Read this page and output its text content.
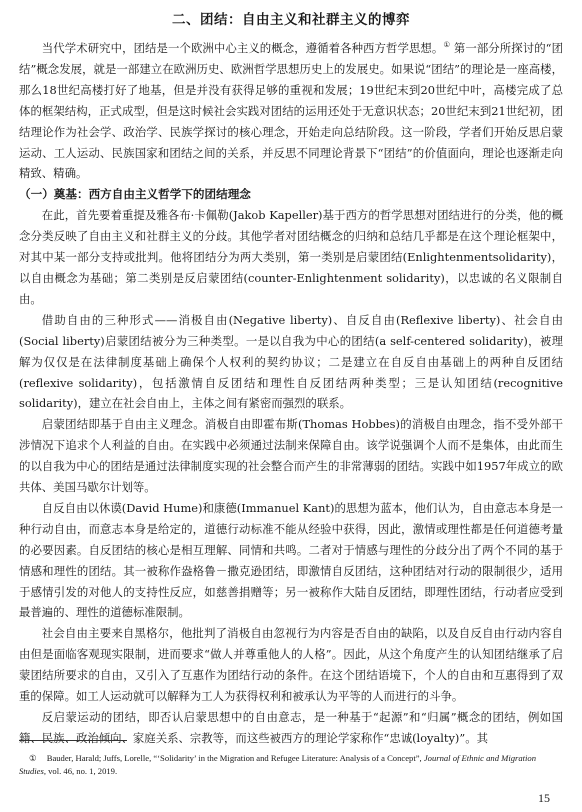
二、团结：自由主义和社群主义的博弈

当代学术研究中，团结是一个欧洲中心主义的概念，遵循着各种西方哲学思想。① 第一部分所探讨的“团结”概念发展，就是一部建立在欧洲历史、欧洲哲学思想历史上的发展史。如果说“团结”的理论是一座高楼，那么18世纪高楼打好了地基，但是并没有获得足够的重视和发展；19世纪末到20世纪中叶，高楼完成了总体的框架结构，正式成型，但是这时候社会实践对团结的运用还处于无意识状态；20世纪末到21世纪初，团结理论作为社会学、政治学、民族学探讨的核心理念，开始走向总结阶段。这一阶段，学者们开始反思启蒙运动、工人运动、民族国家和团结之间的关系，并反思不同理论背景下“团结”的价值面向，理论也逐渐走向精致、精确。

（一）奠基：西方自由主义哲学下的团结理念

在此，首先要着重提及雅各布·卡佩勒(Jakob Kapeller)基于西方的哲学思想对团结进行的分类，他的概念分类反映了自由主义和社群主义的分歧。其他学者对团结概念的归纳和总结几乎都是在这个理论框架中，对其中某一部分支持或批判。他将团结分为两大类别，第一类别是启蒙团结(Enlightenmentsolidarity)，以自由概念为基础；第二类别是反启蒙团结(counter-Enlightenment solidarity)，以忠诚的名义限制自由。

借助自由的三种形式——消极自由(Negative liberty)、自反自由(Reflexive liberty)、社会自由(Social liberty)启蒙团结被分为三种类型。一是以自我为中心的团结(a self-centered solidarity)，被理解为仅仅是在法律制度基础上确保个人权利的契约协议；二是建立在自反自由基础上的两种自反团结(reflexive solidarity)，包括激情自反团结和理性自反团结两种类型；三是认知团结(recognitive solidarity)，建立在社会自由上，主体之间有紧密而强烈的联系。

启蒙团结即基于自由主义理念。消极自由即霍布斯(Thomas Hobbes)的消极自由理念，指不受外部干涉情况下追求个人利益的自由。在实践中必须通过法制来保障自由。该学说强调个人而不是集体，由此而生的以自我为中心的团结是通过法律制度实现的社会整合而产生的非常薄弱的团结。实践中如1957年成立的欧共体、美国马歇尔计划等。

自反自由以休谟(David Hume)和康德(Immanuel Kant)的思想为蓝本，他们认为，自由意志本身是一种行动自由，而意志本身是给定的，道德行动标准不能从经验中获得，因此，激情或理性都是任何道德考量的必要因素。自反团结的核心是相互理解、同情和共鸣。二者对于情感与理性的分歧分出了两个不同的基于情感和理性的团结。其一被称作盎格鲁－撒克逊团结，即激情自反团结，这种团结对行动的限制很少，适用于感情引发的对他人的支持性反应，如慈善捐赠等；另一被称作大陆自反团结，即理性团结，行动者应受到最普遍的、理性的道德标准限制。

社会自由主要来自黑格尔，他批判了消极自由忽视行为内容是否自由的缺陷，以及自反自由行动内容自由但是面临客观现实限制，进而要求“做人并尊重他人的人格”。因此，从这个角度产生的认知团结继承了启蒙团结所要求的自由，又引入了互惠作为团结行动的条件。在这个团结语境下，个人的自由和互惠得到了双重的保障。如工人运动就可以解释为工人为获得权利和被承认为平等的人而进行的斗争。

反启蒙运动的团结，即否认启蒙思想中的自由意志，是一种基于“起源”和“归属”概念的团结，例如国籍、民族、政治倾向、家庭关系、宗教等，而这些被西方的理论学家称作“忠诚(loyalty)”。其

① Bauder, Harald; Juffs, Lorelle, “‘Solidarity’ in the Migration and Refugee Literature: Analysis of a Concept”, Journal of Ethnic and Migration Studies, vol. 46, no. 1, 2019.
15
